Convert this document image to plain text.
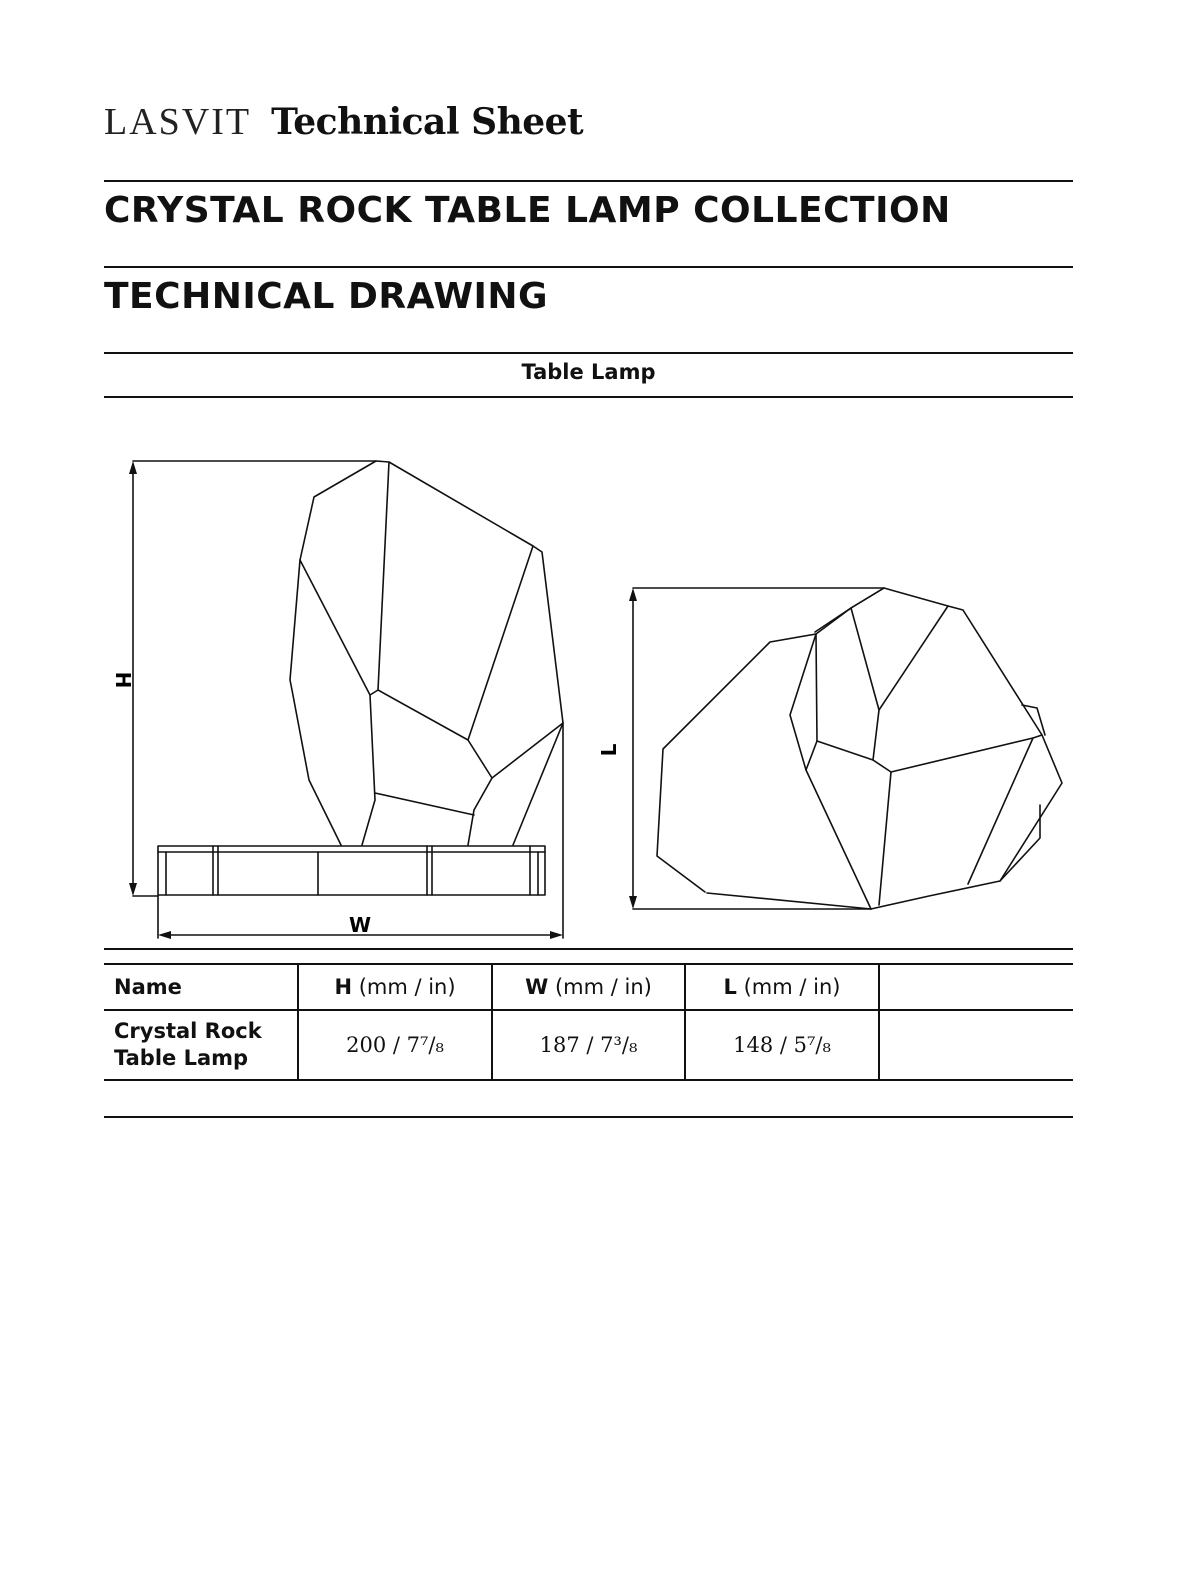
LASVIT Technical Sheet
CRYSTAL ROCK TABLE LAMP COLLECTION
TECHNICAL DRAWING
Table Lamp
H
W
L
Name	H (mm / in)	W (mm / in)	L (mm / in)	
Crystal Rock
Table Lamp	200 / 7⁷/₈	187 / 7³/₈	148 / 5⁷/₈	
